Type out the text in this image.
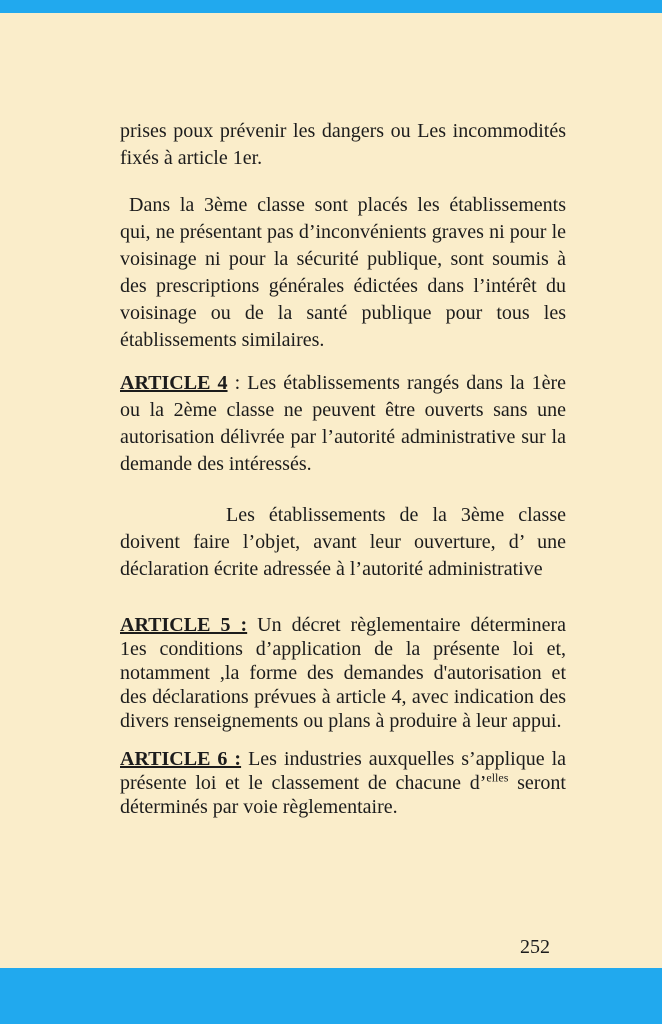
prises poux prévenir les dangers ou Les incommodités fixés à article 1er.

Dans la 3ème classe sont placés les établissements qui, ne présentant pas d’inconvénients graves ni pour le voisinage ni pour la sécurité publique, sont soumis à des prescriptions générales édictées dans l’intérêt du voisinage ou de la santé publique pour tous les établissements similaires.

ARTICLE 4 : Les établissements rangés dans la 1ère ou la 2ème classe ne peuvent être ouverts sans une autorisation délivrée par l’autorité administrative sur la demande des intéressés.

Les établissements de la 3ème classe doivent faire l’objet, avant leur ouverture, d’ une déclaration écrite adressée à l’autorité administrative

ARTICLE 5 : Un décret règlementaire déterminera 1es conditions d’application de la présente loi et, notamment ,la forme des demandes d'autorisation et des déclarations prévues à article 4, avec indication des divers renseignements ou plans à produire à leur appui.

ARTICLE 6 : Les industries auxquelles s’applique la présente loi et le classement de chacune d’$^{elles}$ seront déterminés par voie règlementaire.

252
